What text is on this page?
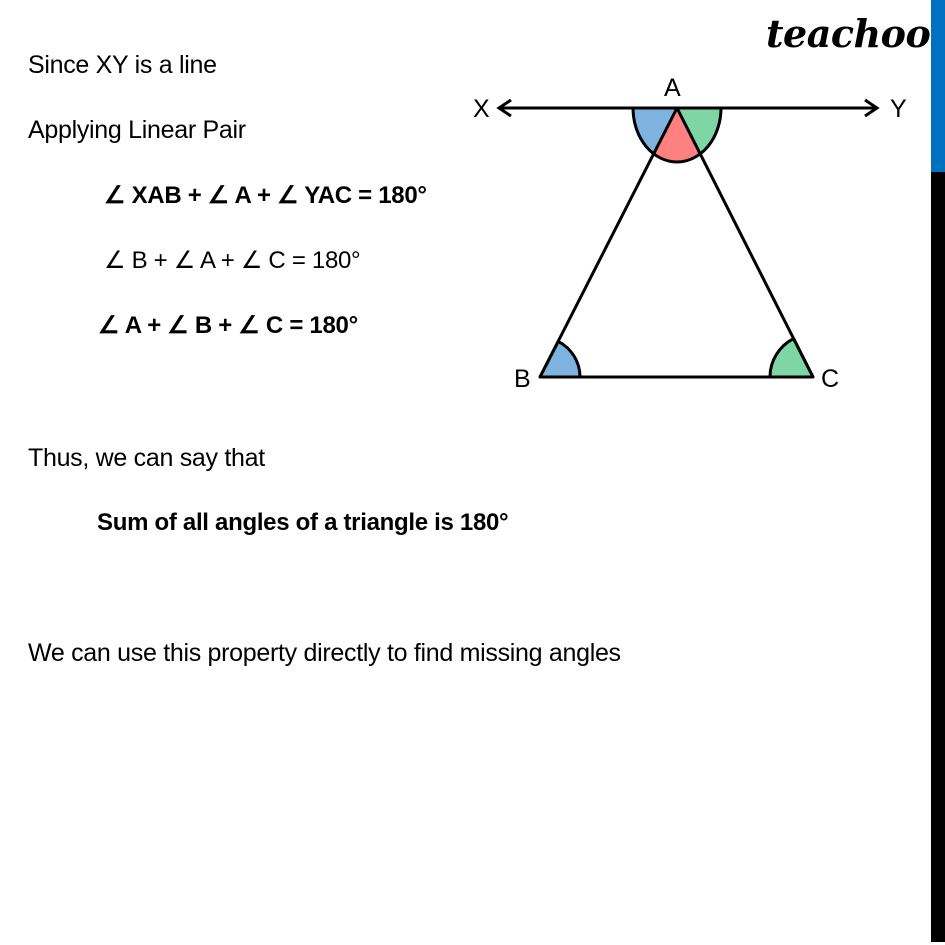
teachoo
Since XY is a line
Applying Linear Pair
∠ XAB + ∠ A + ∠ YAC = 180°
∠ B + ∠ A + ∠ C = 180°
∠ A + ∠ B + ∠ C = 180°
Thus, we can say that
Sum of all angles of a triangle is 180°
We can use this property directly to find missing angles
A
X	Y
B	C
